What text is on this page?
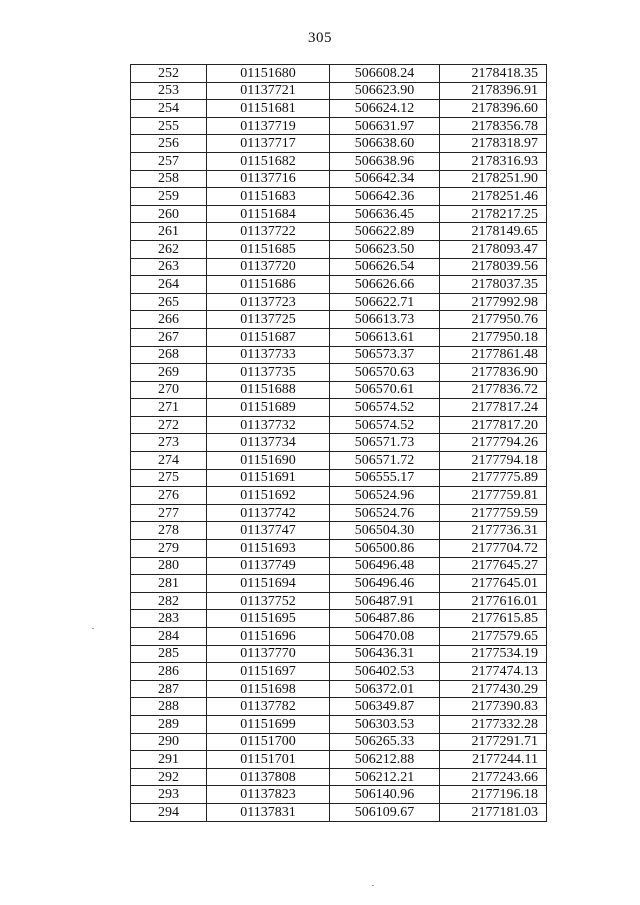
305
252	01151680	506608.24	2178418.35
253	01137721	506623.90	2178396.91
254	01151681	506624.12	2178396.60
255	01137719	506631.97	2178356.78
256	01137717	506638.60	2178318.97
257	01151682	506638.96	2178316.93
258	01137716	506642.34	2178251.90
259	01151683	506642.36	2178251.46
260	01151684	506636.45	2178217.25
261	01137722	506622.89	2178149.65
262	01151685	506623.50	2178093.47
263	01137720	506626.54	2178039.56
264	01151686	506626.66	2178037.35
265	01137723	506622.71	2177992.98
266	01137725	506613.73	2177950.76
267	01151687	506613.61	2177950.18
268	01137733	506573.37	2177861.48
269	01137735	506570.63	2177836.90
270	01151688	506570.61	2177836.72
271	01151689	506574.52	2177817.24
272	01137732	506574.52	2177817.20
273	01137734	506571.73	2177794.26
274	01151690	506571.72	2177794.18
275	01151691	506555.17	2177775.89
276	01151692	506524.96	2177759.81
277	01137742	506524.76	2177759.59
278	01137747	506504.30	2177736.31
279	01151693	506500.86	2177704.72
280	01137749	506496.48	2177645.27
281	01151694	506496.46	2177645.01
282	01137752	506487.91	2177616.01
283	01151695	506487.86	2177615.85
284	01151696	506470.08	2177579.65
285	01137770	506436.31	2177534.19
286	01151697	506402.53	2177474.13
287	01151698	506372.01	2177430.29
288	01137782	506349.87	2177390.83
289	01151699	506303.53	2177332.28
290	01151700	506265.33	2177291.71
291	01151701	506212.88	2177244.11
292	01137808	506212.21	2177243.66
293	01137823	506140.96	2177196.18
294	01137831	506109.67	2177181.03
